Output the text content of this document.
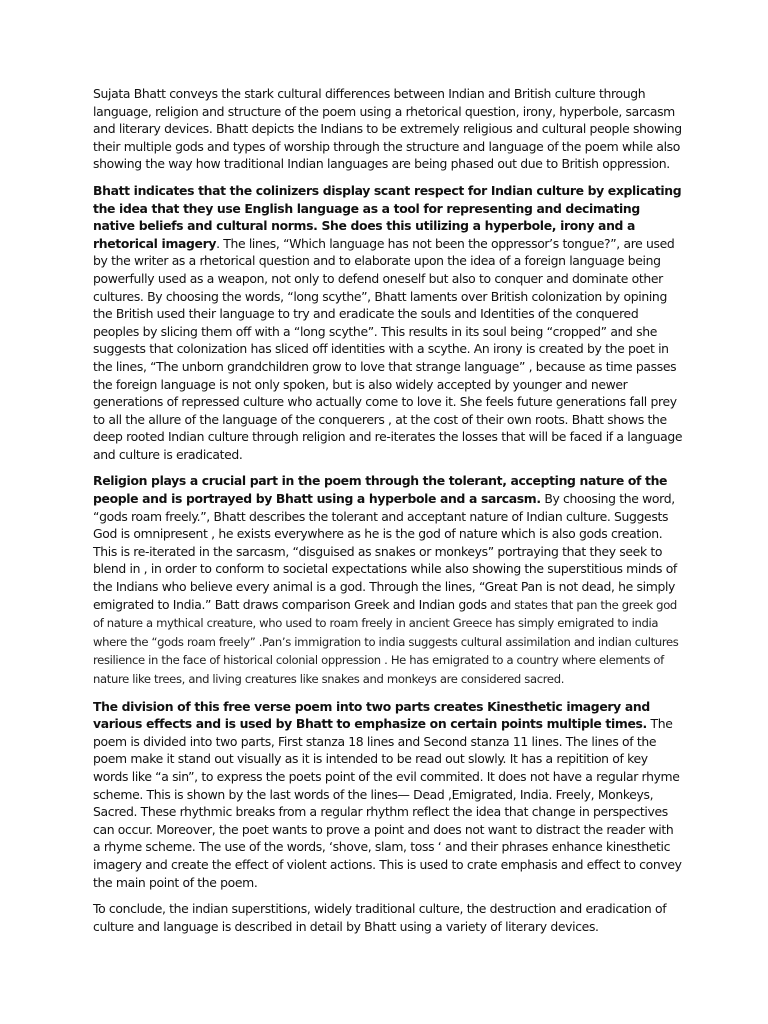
Sujata Bhatt conveys the stark cultural differences between Indian and British culture through language, religion and structure of the poem using a rhetorical question, irony, hyperbole, sarcasm and literary devices. Bhatt depicts the Indians to be extremely religious and cultural people showing their multiple gods and types of worship through the structure and language of the poem while also showing the way how traditional Indian languages are being phased out due to British oppression.

Bhatt indicates that the colinizers display scant respect for Indian culture by explicating the idea that they use English language as a tool for representing and decimating native beliefs and cultural norms. She does this utilizing a hyperbole, irony and a rhetorical imagery. The lines, “Which language has not been the oppressor’s tongue?”, are used by the writer as a rhetorical question and to elaborate upon the idea of a foreign language being powerfully used as a weapon, not only to defend oneself but also to conquer and dominate other cultures. By choosing the words, “long scythe”, Bhatt laments over British colonization by opining the British used their language to try and eradicate the souls and Identities of the conquered peoples by slicing them off with a “long scythe”. This results in its soul being “cropped” and she suggests that colonization has sliced off identities with a scythe. An irony is created by the poet in the lines, “The unborn grandchildren grow to love that strange language” , because as time passes the foreign language is not only spoken, but is also widely accepted by younger and newer generations of repressed culture who actually come to love it. She feels future generations fall prey to all the allure of the language of the conquerers , at the cost of their own roots. Bhatt shows the deep rooted Indian culture through religion and re-iterates the losses that will be faced if a language and culture is eradicated.

Religion plays a crucial part in the poem through the tolerant, accepting nature of the people and is portrayed by Bhatt using a hyperbole and a sarcasm. By choosing the word, “gods roam freely.”, Bhatt describes the tolerant and acceptant nature of Indian culture. Suggests God is omnipresent , he exists everywhere as he is the god of nature which is also gods creation. This is re-iterated in the sarcasm, “disguised as snakes or monkeys” portraying that they seek to blend in , in order to conform to societal expectations while also showing the superstitious minds of the Indians who believe every animal is a god. Through the lines, “Great Pan is not dead, he simply emigrated to India.” Batt draws comparison Greek and Indian gods and states that pan the greek god of nature a mythical creature, who used to roam freely in ancient Greece has simply emigrated to india where the “gods roam freely” .Pan’s immigration to india suggests cultural assimilation and indian cultures resilience in the face of historical colonial oppression . He has emigrated to a country where elements of nature like trees, and living creatures like snakes and monkeys are considered sacred.

The division of this free verse poem into two parts creates Kinesthetic imagery and various effects and is used by Bhatt to emphasize on certain points multiple times. The poem is divided into two parts, First stanza 18 lines and Second stanza 11 lines. The lines of the poem make it stand out visually as it is intended to be read out slowly. It has a repitition of key words like “a sin”, to express the poets point of the evil commited. It does not have a regular rhyme scheme. This is shown by the last words of the lines— Dead ,Emigrated, India. Freely, Monkeys, Sacred. These rhythmic breaks from a regular rhythm reflect the idea that change in perspectives can occur. Moreover, the poet wants to prove a point and does not want to distract the reader with a rhyme scheme. The use of the words, ‘shove, slam, toss ‘ and their phrases enhance kinesthetic imagery and create the effect of violent actions. This is used to crate emphasis and effect to convey the main point of the poem.

To conclude, the indian superstitions, widely traditional culture, the destruction and eradication of culture and language is described in detail by Bhatt using a variety of literary devices.
